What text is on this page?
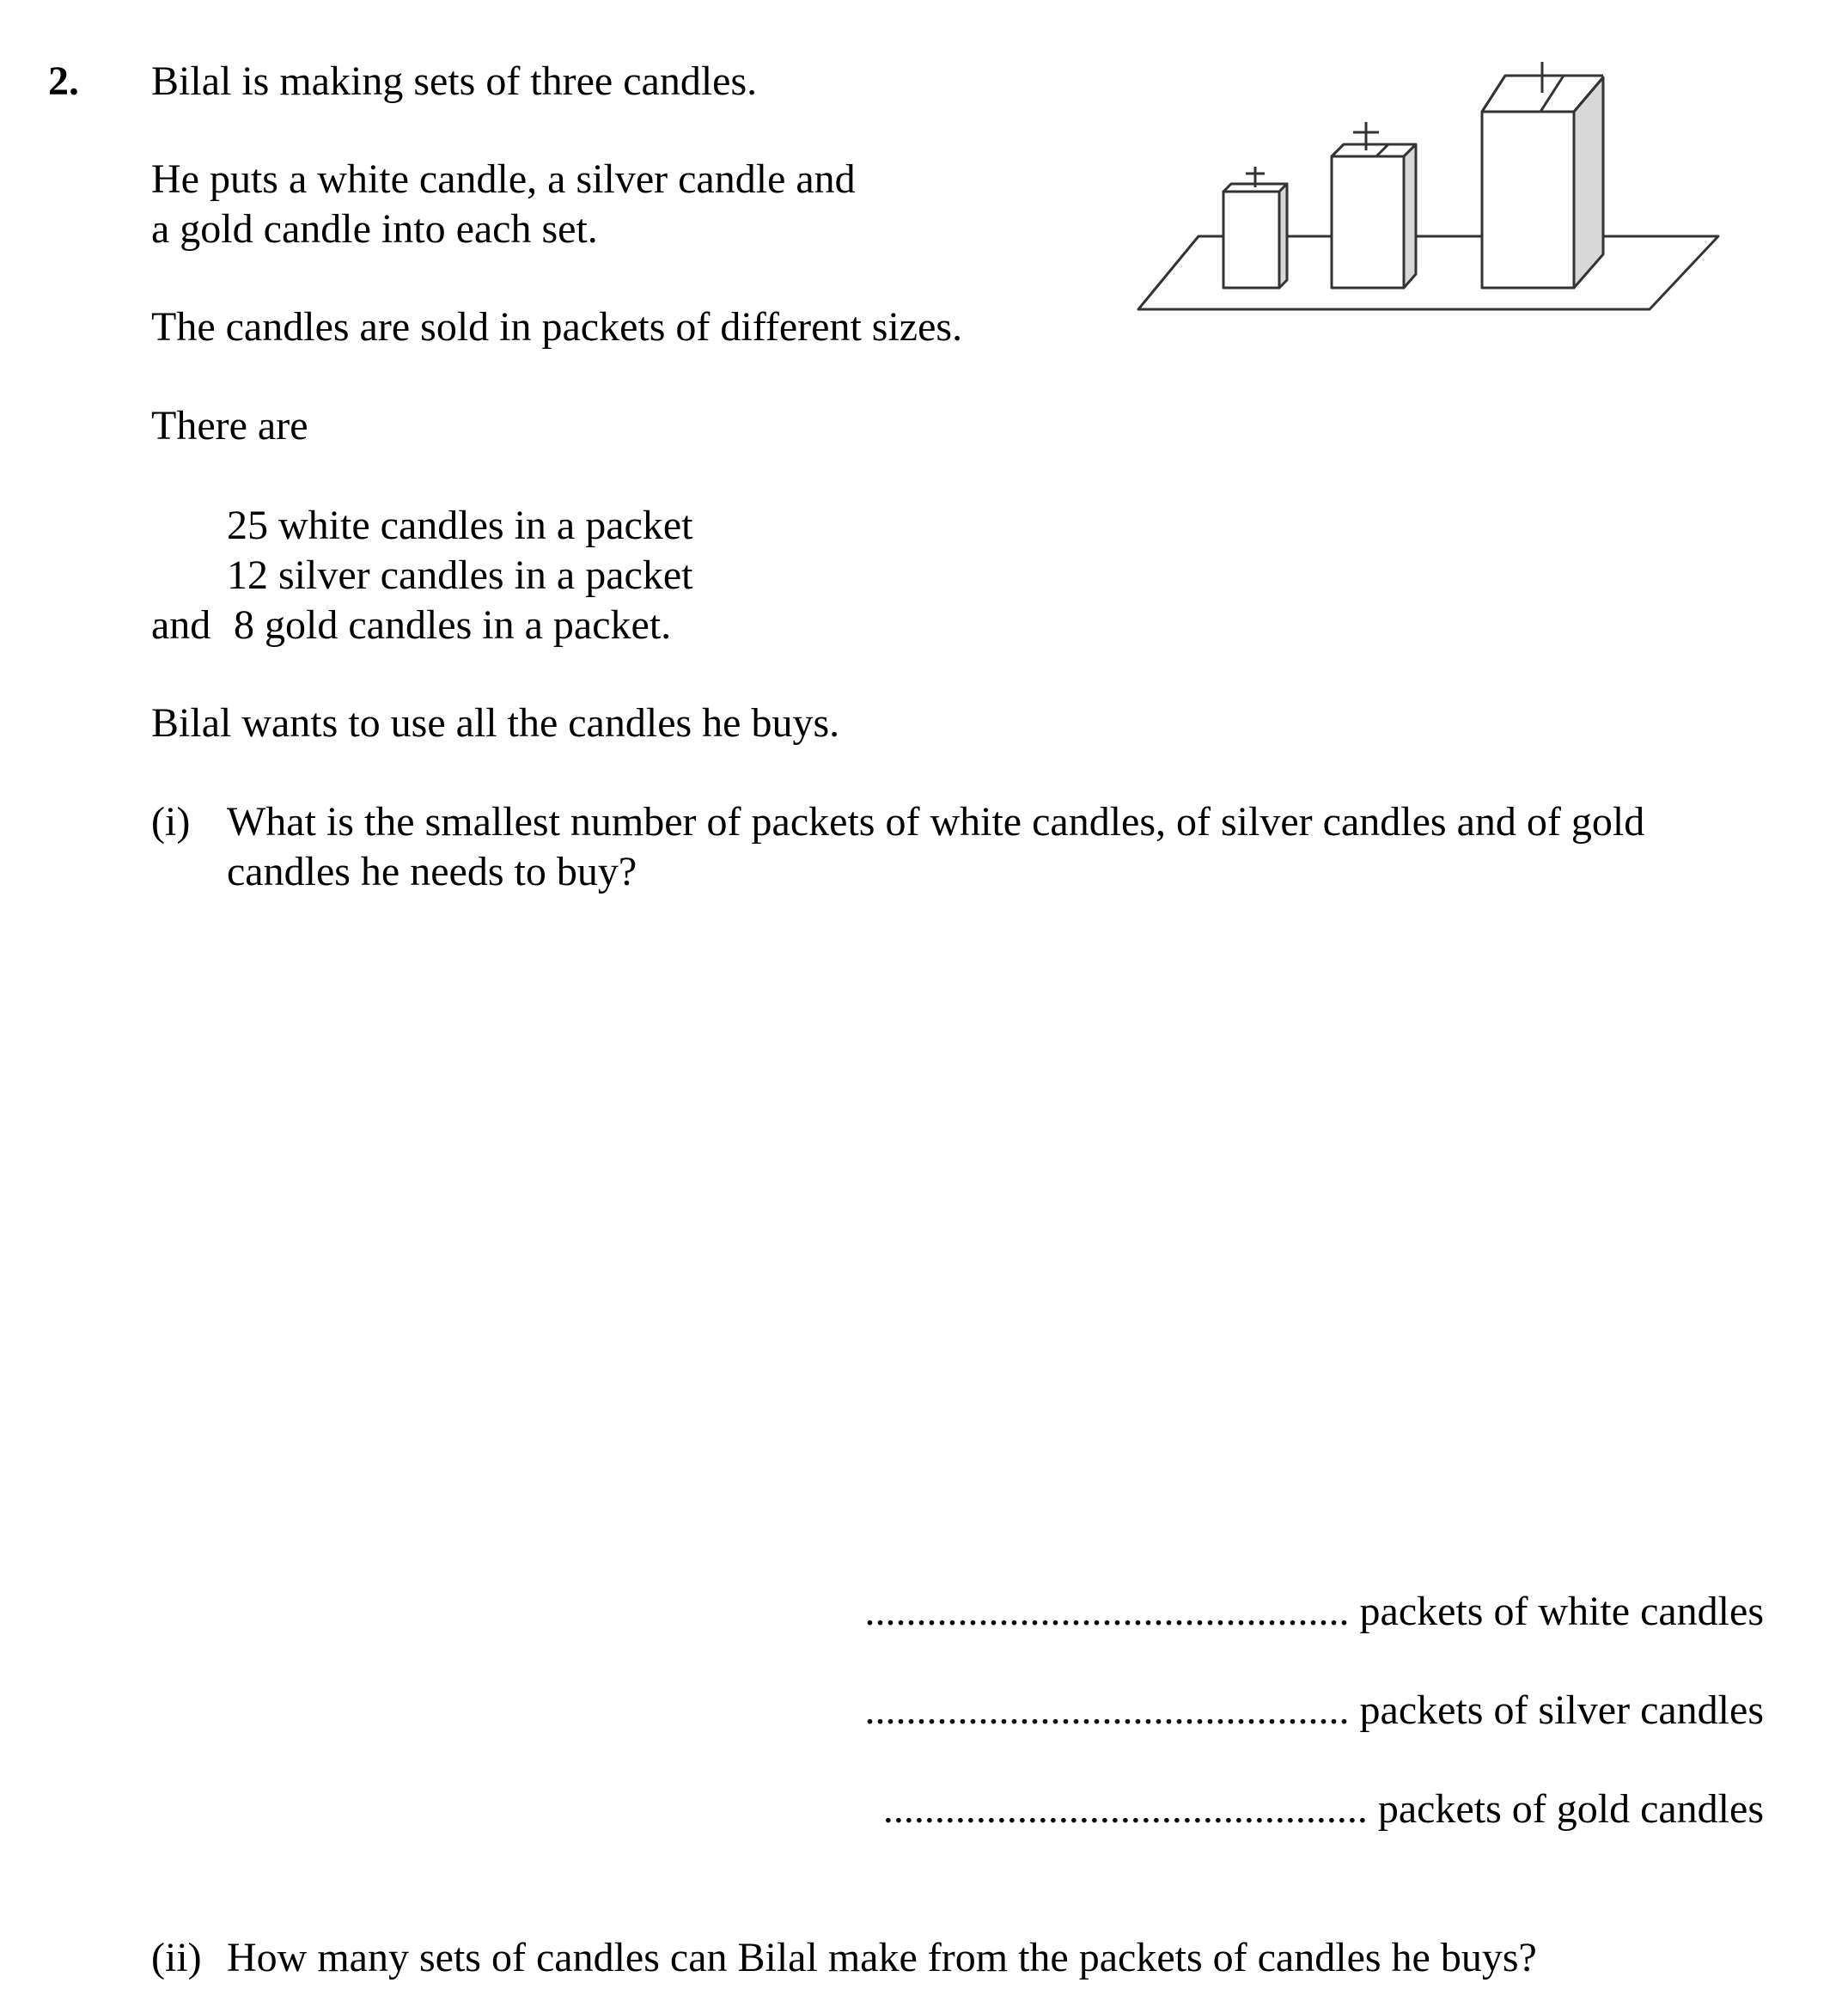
2. Bilal is making sets of three candles.
He puts a white candle, a silver candle and
a gold candle into each set.
The candles are sold in packets of different sizes.
There are
25 white candles in a packet
12 silver candles in a packet
and 8 gold candles in a packet.
Bilal wants to use all the candles he buys.
(i) What is the smallest number of packets of white candles, of silver candles and of gold
candles he needs to buy?
............................................... packets of white candles
............................................... packets of silver candles
............................................... packets of gold candles
(ii) How many sets of candles can Bilal make from the packets of candles he buys?
